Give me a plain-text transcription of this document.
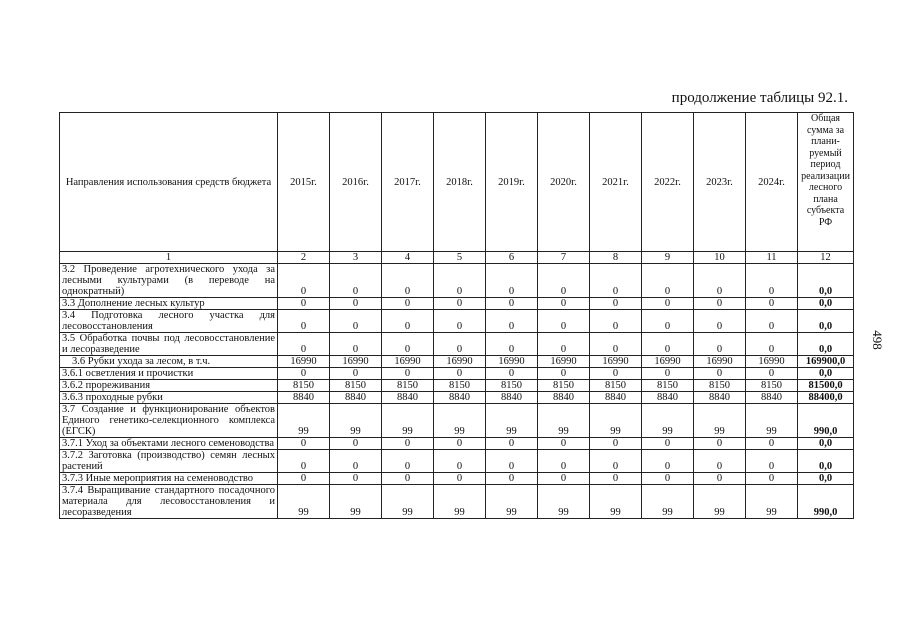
продолжение таблицы 92.1.
498
Направления использования средств бюджета	2015г.	2016г.	2017г.	2018г.	2019г.	2020г.	2021г.	2022г.	2023г.	2024г.	Общая сумма за плани-руемый период реализации лесного плана субъекта РФ
1	2	3	4	5	6	7	8	9	10	11	12
3.2 Проведение агротехнического ухода за лесными культурами (в переводе на однократный)	0	0	0	0	0	0	0	0	0	0	0,0
3.3 Дополнение лесных культур	0	0	0	0	0	0	0	0	0	0	0,0
3.4 Подготовка лесного участка для лесовосстановления	0	0	0	0	0	0	0	0	0	0	0,0
3.5 Обработка почвы под лесовосстановление и лесоразведение	0	0	0	0	0	0	0	0	0	0	0,0
3.6 Рубки ухода за лесом, в т.ч.	16990	16990	16990	16990	16990	16990	16990	16990	16990	16990	169900,0
3.6.1 осветления и прочистки	0	0	0	0	0	0	0	0	0	0	0,0
3.6.2 прореживания	8150	8150	8150	8150	8150	8150	8150	8150	8150	8150	81500,0
3.6.3 проходные рубки	8840	8840	8840	8840	8840	8840	8840	8840	8840	8840	88400,0
3.7 Создание и функционирование объектов Единого генетико-селекционного комплекса (ЕГСК)	99	99	99	99	99	99	99	99	99	99	990,0
3.7.1 Уход за объектами лесного семеноводства	0	0	0	0	0	0	0	0	0	0	0,0
3.7.2 Заготовка (производство) семян лесных растений	0	0	0	0	0	0	0	0	0	0	0,0
3.7.3 Иные мероприятия на семеноводство	0	0	0	0	0	0	0	0	0	0	0,0
3.7.4 Выращивание стандартного посадочного материала для лесовосстановления и лесоразведения	99	99	99	99	99	99	99	99	99	99	990,0
